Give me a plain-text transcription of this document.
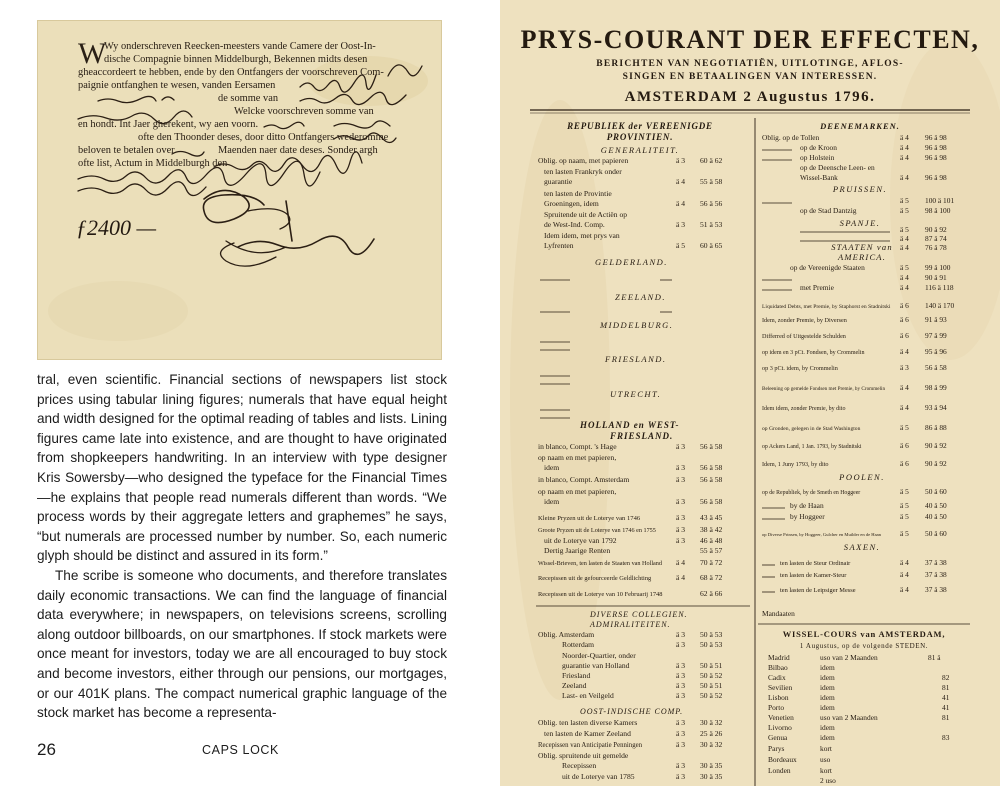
W
Wy onderschreven Reecken-meesters vande Camere der Oost-In-
dische Compagnie binnen Middelburgh, Bekennen midts desen
gheaccordeert te hebben, ende by den Ontfangers der voorschreven Com-
paignie ontfanghen te wesen, vanden Eersamen
de somme van
Welcke voorschreven somme van
en hondt. Int Jaer gherekent, wy aen voorn.
ofte den Thoonder deses, door ditto Ontfangers wederomme
beloven te betalen over	Maenden naer date deses. Sonder argh
ofte list, Actum in Middelburgh den
ƒ2400 —

tral, even scientific. Financial sections of newspapers list stock prices using tabular lining figures; numerals that have equal height and width designed for the optimal reading of tables and lists. Lining figures came late into existence, and are thought to have originated from shopkeepers handwriting. In an interview with type designer Kris Sowersby—who designed the typeface for the Financial Times—he explains that people read numerals different than words. “We process words by their aggregate letters and graphemes” he says, “but numerals are processed number by number. So, each numeric glyph should be distinct and assured in its form.”

The scribe is someone who documents, and therefore translates daily economic transactions. We can find the language of financial data everywhere; in newspapers, on televisions screens, scrolling along outdoor billboards, on our smartphones. If stock markets were once meant for investors, today we are all encouraged to buy stock and become investors, either through our pensions, our mortgages, or our 401K plans. The compact numerical graphic language of the stock market has become a representa-

26	CAPS LOCK
PRYS-COURANT DER EFFECTEN,
BERICHTEN VAN NEGOTIATIËN, UITLOTINGE, AFLOS-
SINGEN EN BETAALINGEN VAN INTERESSEN.
AMSTERDAM 2 Augustus 1796.
REPUBLIEK der VEREENIGDE
PROVINTIEN.
GENERALITEIT.
Oblig. op naam, met papieren	ä 3 60 ä 62
ten lasten Frankryk onder
guarantie	ä 4 55 ä 58
ten lasten de Provintie
Groeningen, idem	ä 4 56 ä 56
Spruitende uit de Actiën op
de West-Ind. Comp.	ä 3 51 ä 53
Idem idem, met prys van
Lyfrenten	ä 5 60 ä 65
GELDERLAND.
ZEELAND.
MIDDELBURG.
FRIESLAND.
UTRECHT.
HOLLAND en WEST-
FRIESLAND.
in blanco, Compt. 's Hage	ä 3 56 ä 58
op naam en met papieren,
idem	ä 3 56 ä 58
in blanco, Compt. Amsterdam	ä 3 56 ä 58
op naam en met papieren,
idem	ä 3 56 ä 58
Kleine Pryzen uit de Loterye van 1746	ä 3 43 ä 45
Groote Pryzen uit de Loterye van 1746 en 1755	ä 3 38 ä 42
uit de Loterye van 1792	ä 3 46 ä 48
Dertig Jaarige Renten	55 ä 57
Wissel-Brieven, ten lasten de Staaten van Holland ä 4 70 ä 72
Recepissen uit de gefourceerde Geldlichting	ä 4 68 ä 72
Recepissen uit de Loterye van 10 Februarij 1748	62 ä 66
DIVERSE COLLEGIEN.
ADMIRALITEITEN.
Oblig. Amsterdam	ä 3 50 ä 53
Rotterdam	ä 3 50 ä 53
Noorder-Quartier, onder
guarantie van Holland	ä 3 50 ä 51
Friesland	ä 3 50 ä 52
Zeeland	ä 3 50 ä 51
Last- en Veilgeld	ä 3 50 ä 52
OOST-INDISCHE COMP.
Oblig. ten lasten diverse Kamers	ä 3 30 ä 32
ten lasten de Kamer Zeeland	ä 3 25 ä 26
Recepissen van Anticipatie Penningen	ä 3 30 ä 32
Oblig. spruitende uit gemelde
Recepissen	ä 3 30 ä 35
uit de Loterye van 1785	ä 3 30 ä 35
DEENEMARKEN.
Oblig. op de Tollen	ä 4 96 ä 98
op de Kroon	ä 4 96 ä 98
op Holstein	ä 4 96 ä 98
op de Deensche Leen- en
Wissel-Bank	ä 4 96 ä 98
PRUISSEN.
ä 5 100 ä 101
op de Stad Dantzig	ä 5 98 ä 100
SPANJE.
ä 5 90 ä 92
ä 4 87 ä 74
ä 4 76 ä 78
STAATEN van
AMERICA.
op de Vereenigde Staaten	ä 5 99 ä 100
ä 4 90 ä 91
met Premie	ä 4 116 ä 118
Liquidated Debts, met Premie, by Staphorst en Stadnitski ä 6 140 ä 170
Idem, zonder Premie, by Diversen	ä 6 91 ä 93
Differred of Uitgestelde Schulden	ä 6 97 ä 99
op idem en 3 pCt. Fondsen, by Crommelin	ä 4 95 ä 96
op 3 pCt. idem, by Crommelin	ä 3 56 ä 58
Beleening op gemelde Fondsen met Premie, by Crommelin ä 4 98 ä 99
Idem idem, zonder Premie, by dito	ä 4 93 ä 94
op Gronden, gelegen in de Stad Washington	ä 5 86 ä 88
op Ackers Land, 1 Jan. 1793, by Stadnitski	ä 6 90 ä 92
Idem, 1 Juny 1793, by dito	ä 6 90 ä 92
POOLEN.
op de Republiek, by de Smeth en Hoggeer	ä 5 50 ä 60
by de Haan	ä 5 40 ä 50
by Hoggeer	ä 5 40 ä 50
op Diverse Prinsen, by Hoggeer, Gulcher en Muilder en de Haan	ä 5 50 ä 60
SAXEN.
ten lasten de Steur Ordinair	ä 4 37 ä 38
ten lasten de Kamer-Steur	ä 4 37 ä 38
ten lasten de Leipsiger Messe	ä 4 37 ä 38
Mandaaten
WISSEL-COURS van AMSTERDAM,
1 Augustus, op de volgende STEDEN.
Madrid	uso van 2 Maanden	81 ä
Bilbao	idem
Cadix	idem	82
Sevilien	idem	81
Lisbon	idem	41
Porto	idem	41
Venetien	uso van 2 Maanden	81
Livorno	idem
Genua	idem	83
Parys	kort
Bordeaux	uso
Londen	kort
2 uso
